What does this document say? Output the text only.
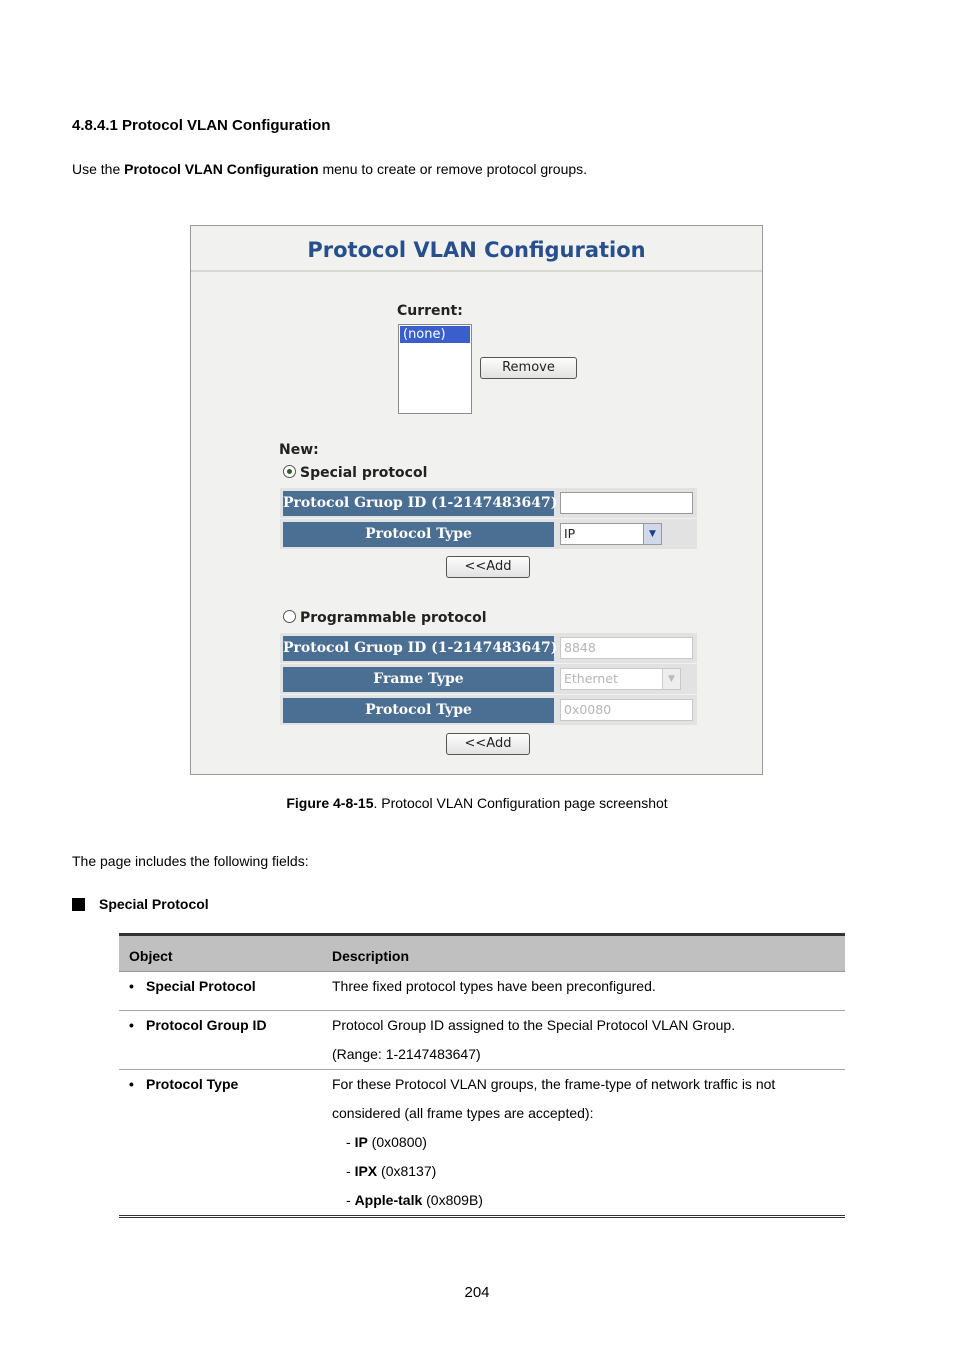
4.8.4.1 Protocol VLAN Configuration
Use the Protocol VLAN Configuration menu to create or remove protocol groups.
Protocol VLAN Configuration
Current:
(none)
Remove
New:
Special protocol
Protocol Gruop ID (1-2147483647)
Protocol Type	IP	▼
<<Add
Programmable protocol
Protocol Gruop ID (1-2147483647) 8848
Frame Type	Ethernet	▼
Protocol Type	0x0080
<<Add
Figure 4-8-15. Protocol VLAN Configuration page screenshot
The page includes the following fields:
Special Protocol
Object	Description
• Special Protocol	Three fixed protocol types have been preconfigured.

• Protocol Group ID	Protocol Group ID assigned to the Special Protocol VLAN Group.
(Range: 1-2147483647)

• Protocol Type	For these Protocol VLAN groups, the frame-type of network traffic is not
considered (all frame types are accepted):
- IP (0x0800)
- IPX (0x8137)
- Apple-talk (0x809B)
204
